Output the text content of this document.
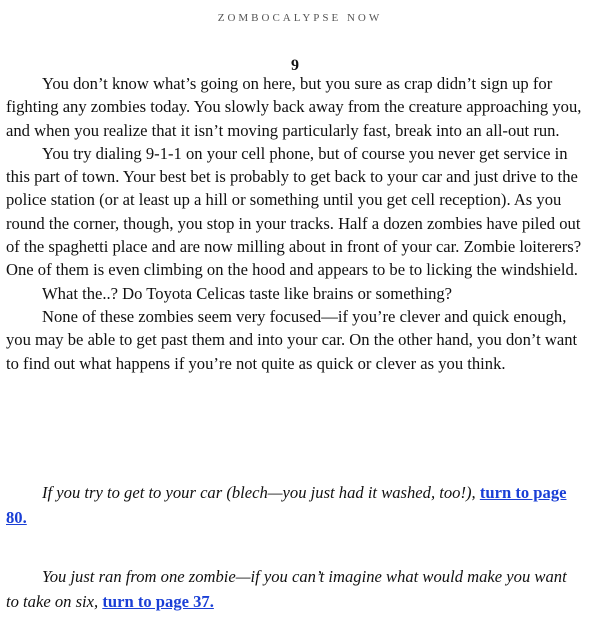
ZOMBOCALYPSE NOW
9

You don’t know what’s going on here, but you sure as crap didn’t sign up for fighting any zombies today. You slowly back away from the creature approaching you, and when you realize that it isn’t moving particularly fast, break into an all-out run.

You try dialing 9-1-1 on your cell phone, but of course you never get service in this part of town. Your best bet is probably to get back to your car and just drive to the police station (or at least up a hill or something until you get cell reception). As you round the corner, though, you stop in your tracks. Half a dozen zombies have piled out of the spaghetti place and are now milling about in front of your car. Zombie loiterers? One of them is even climbing on the hood and appears to be to licking the windshield.

What the..? Do Toyota Celicas taste like brains or something?

None of these zombies seem very focused—if you’re clever and quick enough, you may be able to get past them and into your car. On the other hand, you don’t want to find out what happens if you’re not quite as quick or clever as you think.

If you try to get to your car (blech—you just had it washed, too!), turn to page 80.
You just ran from one zombie—if you can’t imagine what would make you want to take on six, turn to page 37.
